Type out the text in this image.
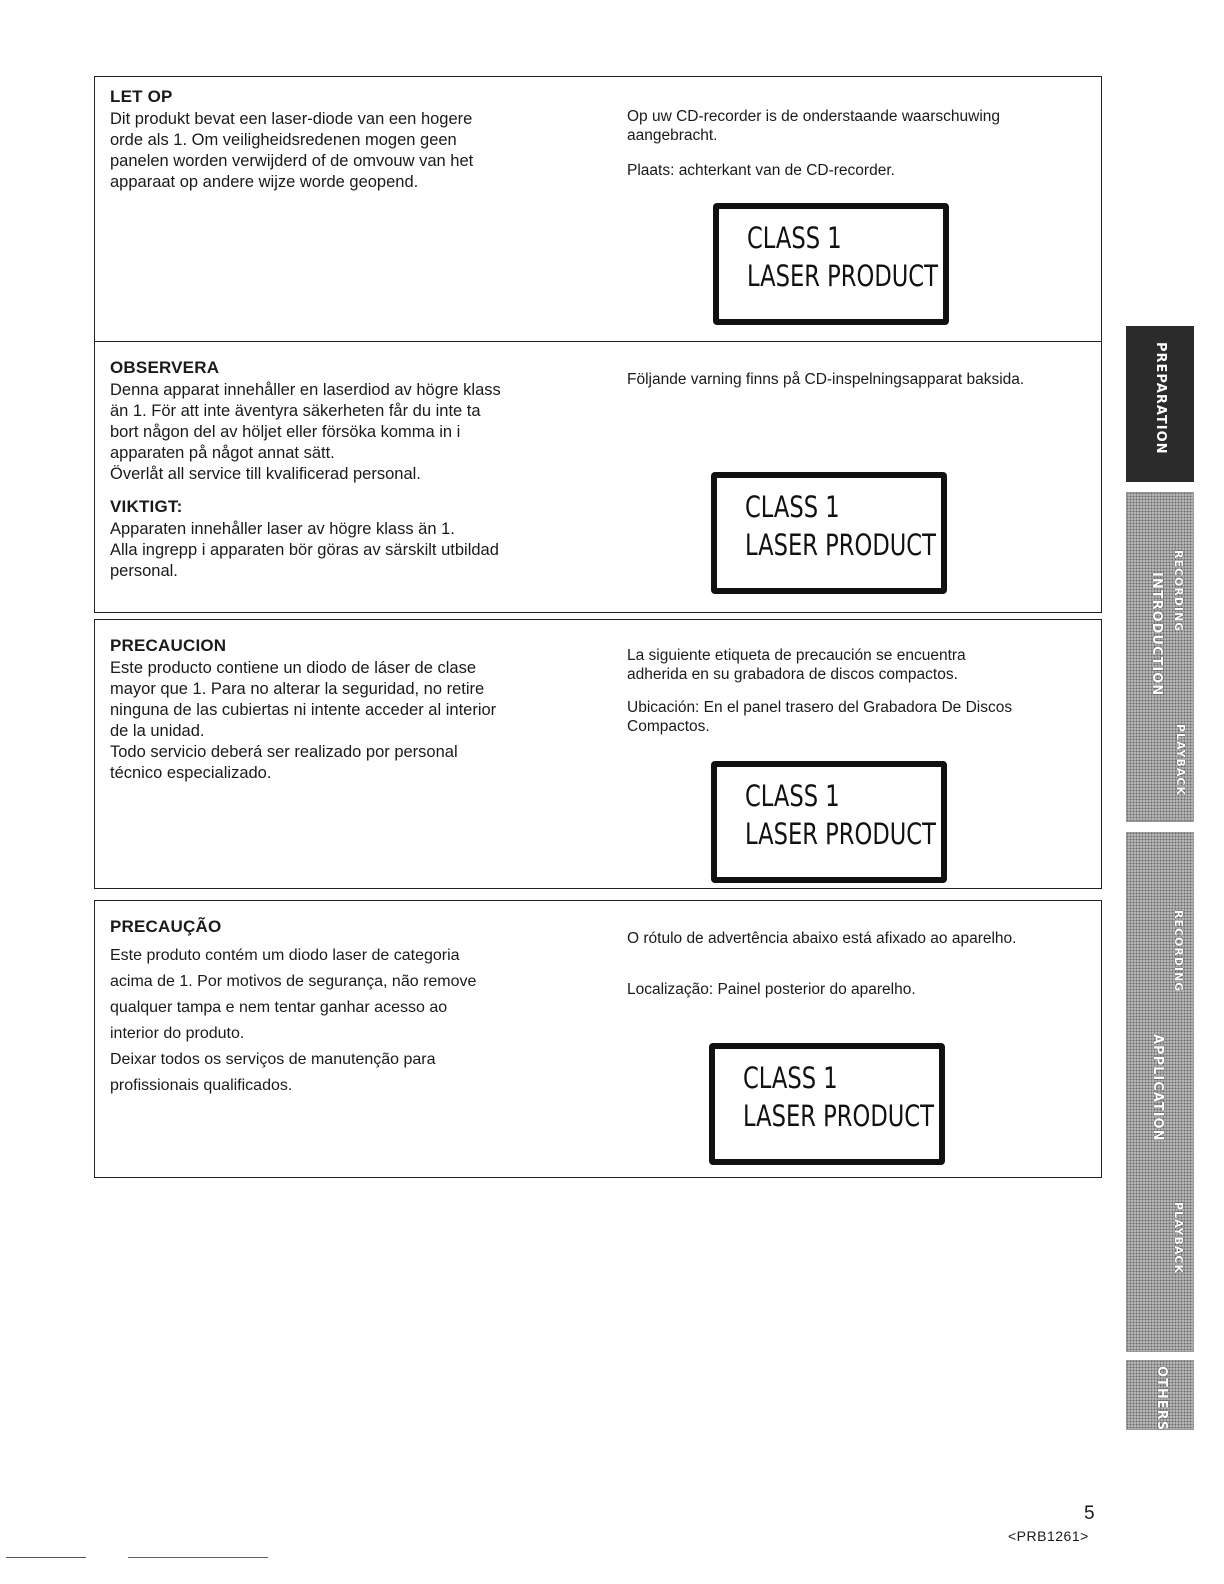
LET OP

Dit produkt bevat een laser-diode van een hogere

orde als 1. Om veiligheidsredenen mogen geen

panelen worden verwijderd of de omvouw van het

apparaat op andere wijze worde geopend.

Op uw CD-recorder is de onderstaande waarschuwing

aangebracht.

Plaats: achterkant van de CD-recorder.

CLASS 1
LASER PRODUCT

OBSERVERA

Denna apparat innehåller en laserdiod av högre klass

än 1. För att inte äventyra säkerheten får du inte ta

bort någon del av höljet eller försöka komma in i

apparaten på något annat sätt.

Överlåt all service till kvalificerad personal.

VIKTIGT:

Apparaten innehåller laser av högre klass än 1.

Alla ingrepp i apparaten bör göras av särskilt utbildad

personal.

Följande varning finns på CD-inspelningsapparat baksida.

CLASS 1
LASER PRODUCT

PRECAUCION

Este producto contiene un diodo de láser de clase

mayor que 1. Para no alterar la seguridad, no retire

ninguna de las cubiertas ni intente acceder al interior

de la unidad.

Todo servicio deberá ser realizado por personal

técnico especializado.

La siguiente etiqueta de precaución se encuentra

adherida en su grabadora de discos compactos.

Ubicación: En el panel trasero del Grabadora De Discos

Compactos.

CLASS 1
LASER PRODUCT

PRECAUÇÃO

Este produto contém um diodo laser de categoria

acima de 1. Por motivos de segurança, não remove

qualquer tampa e nem tentar ganhar acesso ao

interior do produto.

Deixar todos os serviços de manutenção para

profissionais qualificados.

O rótulo de advertência abaixo está afixado ao aparelho.

Localização: Painel posterior do aparelho.

CLASS 1
LASER PRODUCT
PREPARATION
RECORDING
INTRODUCTION
PLAYBACK
RECORDING
APPLICATION
PLAYBACK
OTHERS
5
<PRB1261>
